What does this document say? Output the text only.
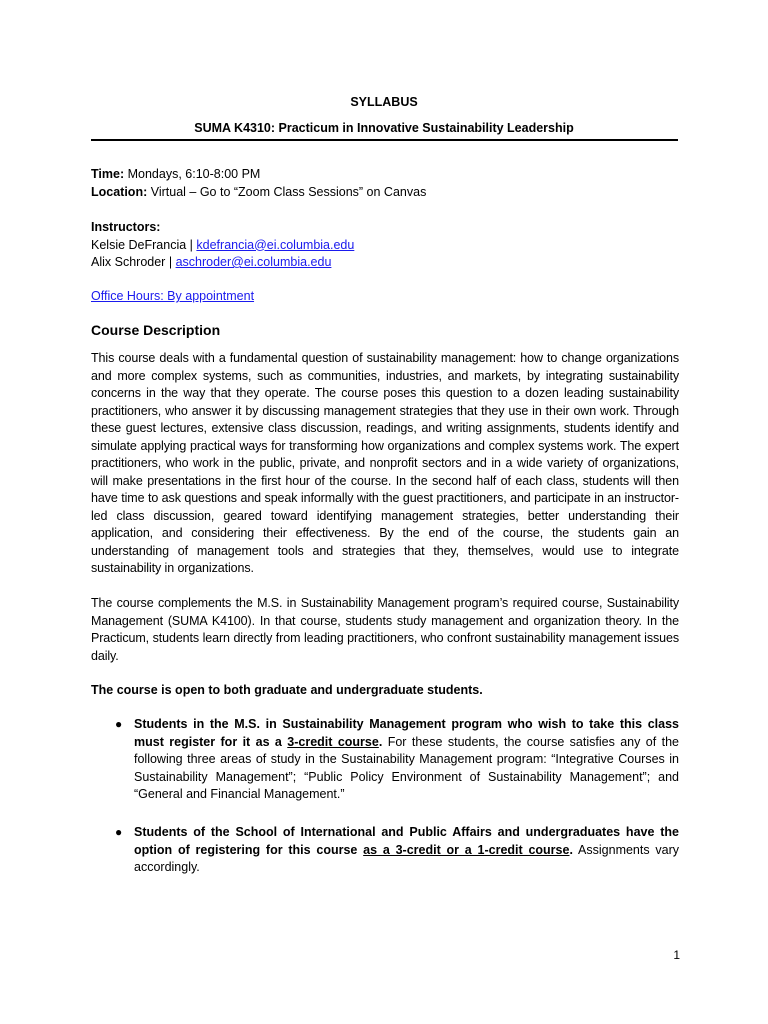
SYLLABUS
SUMA K4310: Practicum in Innovative Sustainability Leadership
Time: Mondays, 6:10-8:00 PM
Location: Virtual – Go to “Zoom Class Sessions” on Canvas
Instructors:
Kelsie DeFrancia | kdefrancia@ei.columbia.edu
Alix Schroder | aschroder@ei.columbia.edu
Office Hours: By appointment
Course Description
This course deals with a fundamental question of sustainability management: how to change organizations and more complex systems, such as communities, industries, and markets, by integrating sustainability concerns in the way that they operate. The course poses this question to a dozen leading sustainability practitioners, who answer it by discussing management strategies that they use in their own work. Through these guest lectures, extensive class discussion, readings, and writing assignments, students identify and simulate applying practical ways for transforming how organizations and complex systems work. The expert practitioners, who work in the public, private, and nonprofit sectors and in a wide variety of organizations, will make presentations in the first hour of the course. In the second half of each class, students will then have time to ask questions and speak informally with the guest practitioners, and participate in an instructor-led class discussion, geared toward identifying management strategies, better understanding their application, and considering their effectiveness. By the end of the course, the students gain an understanding of management tools and strategies that they, themselves, would use to integrate sustainability in organizations.
The course complements the M.S. in Sustainability Management program’s required course, Sustainability Management (SUMA K4100). In that course, students study management and organization theory. In the Practicum, students learn directly from leading practitioners, who confront sustainability management issues daily.
The course is open to both graduate and undergraduate students.
● Students in the M.S. in Sustainability Management program who wish to take this class must register for it as a 3-credit course. For these students, the course satisfies any of the following three areas of study in the Sustainability Management program: “Integrative Courses in Sustainability Management”; “Public Policy Environment of Sustainability Management”; and “General and Financial Management.”
● Students of the School of International and Public Affairs and undergraduates have the option of registering for this course as a 3-credit or a 1-credit course. Assignments vary accordingly.
1
